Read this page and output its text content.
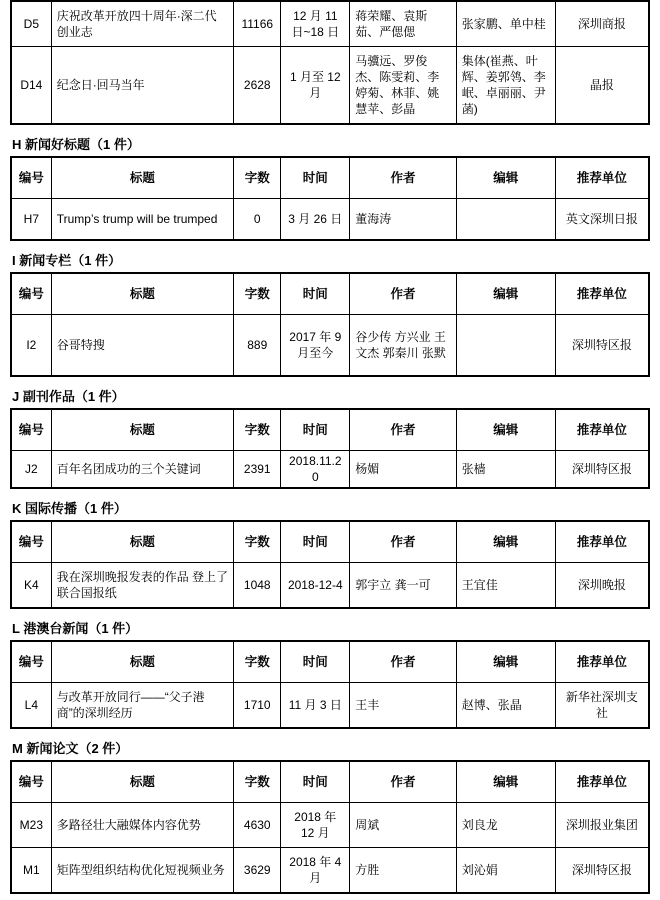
D5	庆祝改革开放四十周年·深二代创业志	11166	12 月 11 日~18 日	蒋荣耀、袁斯茹、严偲偲	张家鹏、单中桂	深圳商报
D14	纪念日·回马当年	2628	1 月至 12 月	马骥远、罗俊杰、陈雯莉、李婷菊、林菲、姚慧苹、彭晶	集体(崔燕、叶辉、姜郭鸰、李岷、卓丽丽、尹菡)	晶报
H 新闻好标题（1 件）
编号	标题	字数	时间	作者	编辑	推荐单位
H7	Trump’s trump will be trumped	0	3 月 26 日	董海涛		英文深圳日报
I 新闻专栏（1 件）
编号	标题	字数	时间	作者	编辑	推荐单位
I2	谷哥特搜	889	2017 年 9 月至今	谷少传 方兴业 王文杰 郭秦川 张默		深圳特区报
J 副刊作品（1 件）
编号	标题	字数	时间	作者	编辑	推荐单位
J2	百年名团成功的三个关键词	2391	2018.11.20	杨媚	张樯	深圳特区报
K 国际传播（1 件）
编号	标题	字数	时间	作者	编辑	推荐单位
K4	我在深圳晚报发表的作品 登上了联合国报纸	1048	2018-12-4	郭宇立 龚一可	王宜佳	深圳晚报
L 港澳台新闻（1 件）
编号	标题	字数	时间	作者	编辑	推荐单位
L4	与改革开放同行——“父子港商”的深圳经历	1710	11 月 3 日	王丰	赵博、张晶	新华社深圳支社
M 新闻论文（2 件）
编号	标题	字数	时间	作者	编辑	推荐单位
M23	多路径壮大融媒体内容优势	4630	2018 年 12 月	周斌	刘良龙	深圳报业集团
M1	矩阵型组织结构优化短视频业务	3629	2018 年 4 月	方胜	刘沁娟	深圳特区报
